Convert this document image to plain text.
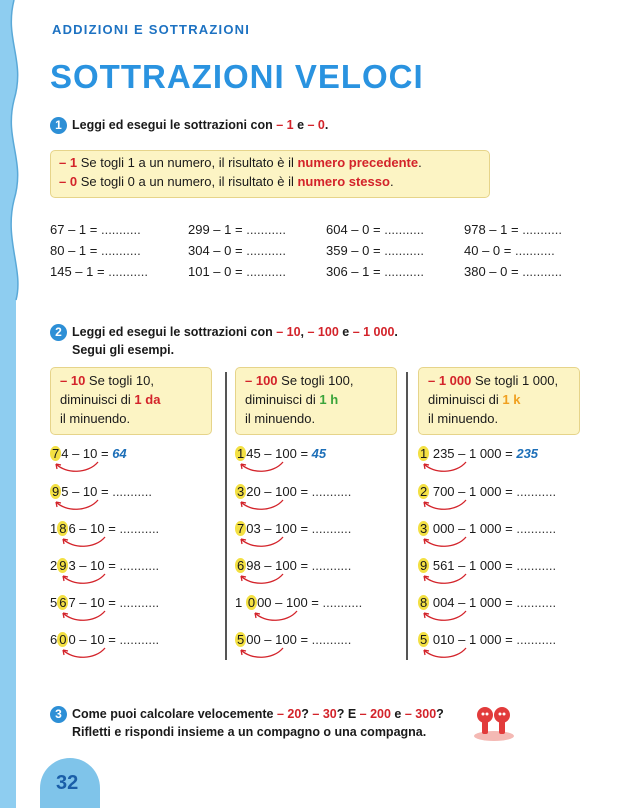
ADDIZIONI E SOTTRAZIONI
SOTTRAZIONI VELOCI
1 Leggi ed esegui le sottrazioni con – 1 e – 0.
– 1 Se togli 1 a un numero, il risultato è il numero precedente.
– 0 Se togli 0 a un numero, il risultato è il numero stesso.
67 – 1 = ...........
80 – 1 = ...........
145 – 1 = ...........
299 – 1 = ...........
304 – 0 = ...........
101 – 0 = ...........
604 – 0 = ...........
359 – 0 = ...........
306 – 1 = ...........
978 – 1 = ...........
40 – 0 = ...........
380 – 0 = ...........
2 Leggi ed esegui le sottrazioni con – 10, – 100 e – 1 000.
Segui gli esempi.
– 10 Se togli 10,
diminuisci di 1 da
il minuendo.
7 4 – 10 = 64
9 5 – 10 = ...........
1 8 6 – 10 = ...........
2 9 3 – 10 = ...........
5 6 7 – 10 = ...........
6 0 0 – 10 = ...........
– 100 Se togli 100,
diminuisci di 1 h
il minuendo.
1 45 – 100 = 45
3 20 – 100 = ...........
7 03 – 100 = ...........
6 98 – 100 = ...........
1 0 00 – 100 = ...........
5 00 – 100 = ...........
– 1 000 Se togli 1 000,
diminuisci di 1 k
il minuendo.
1 235 – 1 000 = 235
2 700 – 1 000 = ...........
3 000 – 1 000 = ...........
9 561 – 1 000 = ...........
8 004 – 1 000 = ...........
5 010 – 1 000 = ...........
3 Come puoi calcolare velocemente – 20? – 30? E – 200 e – 300?
Rifletti e rispondi insieme a un compagno o una compagna.
32
